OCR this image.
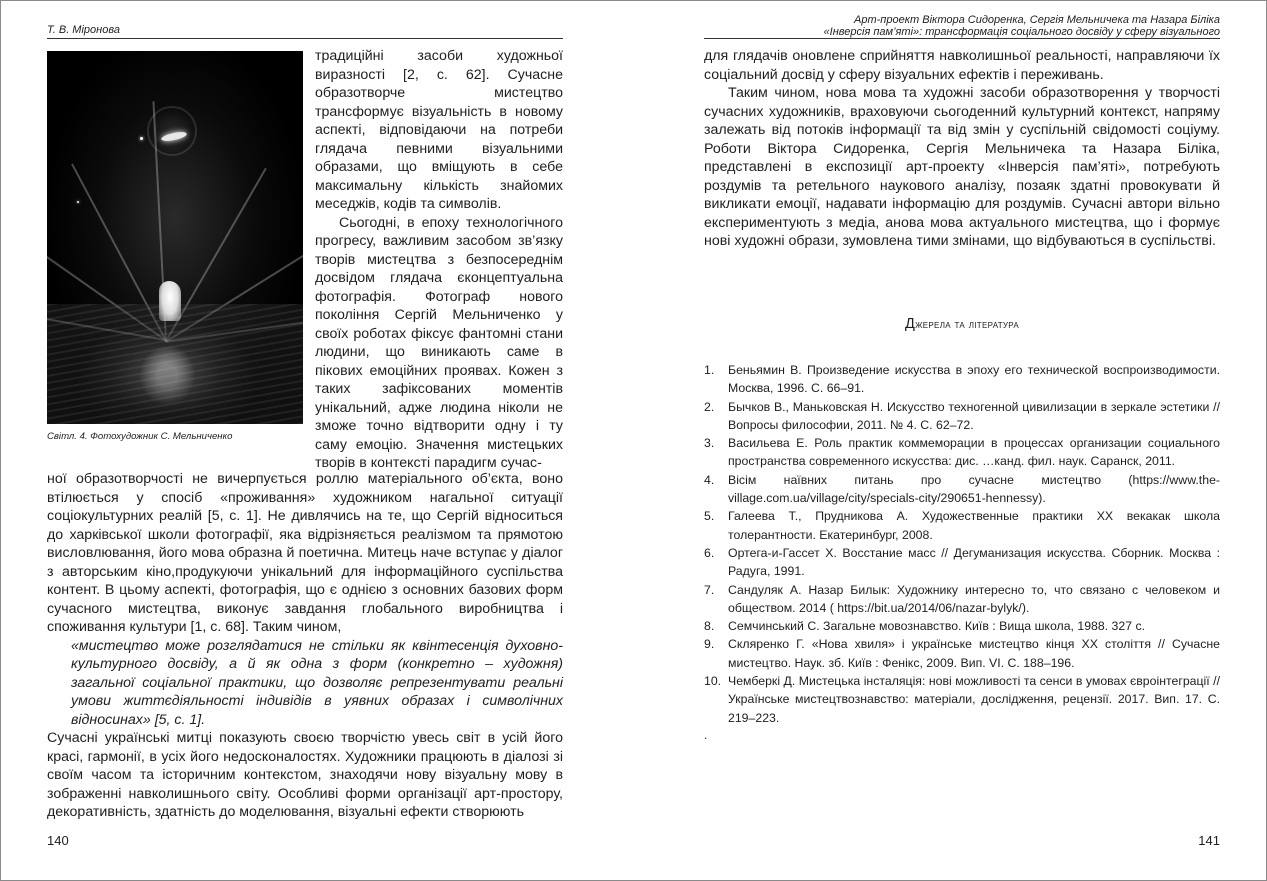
Т. В. Міронова
Світл. 4. Фотохудожник С. Мельниченко

традиційні засоби художньої виразності [2, с. 62]. Сучасне образотворче мистецтво трансформує візуальність в новому аспекті, відповідаючи на потреби глядача певними візуальними образами, що вміщують в себе максимальну кількість знайомих меседжів, кодів та символів.

Сьогодні, в епоху технологічного прогресу, важливим засобом зв’язку творів мистецтва з безпосереднім досвідом глядача єконцептуальна фотографія. Фотограф нового покоління Сергій Мельниченко у своїх роботах фіксує фантомні стани людини, що виникають саме в пікових емоційних проявах. Кожен з таких зафіксованих моментів унікальний, адже людина ніколи не зможе точно відтворити одну і ту саму емоцію. Значення мистецьких творів в контексті парадигм сучас-

ної образотворчості не вичерпується роллю матеріального об’єкта, воно втілюється у спосіб «проживання» художником нагальної ситуації соціокультурних реалій [5, с. 1]. Не дивлячись на те, що Сергій відноситься до харківської школи фотографії, яка відрізняється реалізмом та прямотою висловлювання, його мова образна й поетична. Митець наче вступає у діалог з авторським кіно,продукуючи унікальний для інформаційного суспільства контент. В цьому аспекті, фотографія, що є однією з основних базових форм сучасного мистецтва, виконує завдання глобального виробництва і споживання культури [1, с. 68]. Таким чином,

«мистецтво може розглядатися не стільки як квінтесенція духовно-культурного досвіду, а й як одна з форм (конкретно – художня) загальної соціальної практики, що дозволяє репрезентувати реальні умови життєдіяльності індивідів в уявних образах і символічних відносинах» [5, с. 1].

Сучасні українські митці показують своєю творчістю увесь світ в усій його красі, гармонії, в усіх його недосконалостях. Художники працюють в діалозі зі своїм часом та історичним контекстом, знаходячи нову візуальну мову в зображенні навколишнього світу. Особливі форми організації арт-простору, декоративність, здатність до моделювання, візуальні ефекти створюють

140
Арт-проект Віктора Сидоренка, Сергія Мельничека та Назара Біліка
«Інверсія пам’яті»: трансформація соціального досвіду у сферу візуального

для глядачів оновлене сприйняття навколишньої реальності, направляючи їх соціальний досвід у сферу візуальних ефектів і переживань.

Таким чином, нова мова та художні засоби образотворення у творчості сучасних художників, враховуючи сьогоденний культурний контекст, напряму залежать від потоків інформації та від змін у суспільній свідомості соціуму. Роботи Віктора Сидоренка, Сергія Мельничека та Назара Біліка, представлені в експозиції арт-проекту «Інверсія пам’яті», потребують роздумів та ретельного наукового аналізу, позаяк здатні провокувати й викликати емоції, надавати інформацію для роздумів. Сучасні автори вільно експериментують з медіа, анова мова актуального мистецтва, що і формує нові художні образи, зумовлена тими змінами, що відбуваються в суспільстві.

Джерела та література
1. Беньямин В. Произведение искусства в эпоху его технической воспроизводимости. Москва, 1996. С. 66–91.
2. Бычков В., Маньковская Н. Искусство техногенной цивилизации в зеркале эстетики // Вопросы философии, 2011. № 4. С. 62–72.
3. Васильева Е. Роль практик коммеморации в процессах организации социального пространства современного искусства: дис. …канд. фил. наук. Саранск, 2011.
4. Вісім наївних питань про сучасне мистецтво (https://www.the-village.com.ua/village/city/specials-city/290651-hennessy).
5. Галеева Т., Прудникова А. Художественные практики XX векакак школа толерантности. Екатеринбург, 2008.
6. Ортега-и-Гассет Х. Восстание масс // Дегуманизация искусства. Сборник. Москва : Радуга, 1991.
7. Сандуляк А. Назар Билык: Художнику интересно то, что связано с человеком и обществом. 2014 ( https://bit.ua/2014/06/nazar-bylyk/).
8. Семчинський С. Загальне мовознавство. Київ : Вища школа, 1988. 327 с.
9. Скляренко Г. «Нова хвиля» і українське мистецтво кінця XX століття // Сучасне мистецтво. Наук. зб. Київ : Фенікс, 2009. Вип. VI. С. 188–196.
10. Чемберкі Д. Мистецька інсталяція: нові можливості та сенси в умовах євроінтеграції // Українське мистецтвознавство: матеріали, дослідження, рецензії. 2017. Вип. 17. С. 219–223.
.
141
